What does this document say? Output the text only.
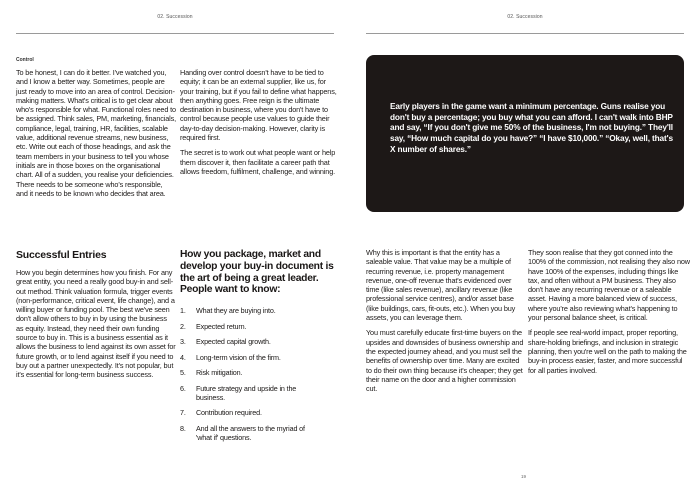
02. Succession
Control

To be honest, I can do it better. I've watched you, and I know a better way. Sometimes, people are just ready to move into an area of control. Decision-making matters. What's critical is to get clear about who's responsible for what. Functional roles need to be assigned. Think sales, PM, marketing, financials, compliance, legal, training, HR, facilities, scalable value, additional revenue streams, new business, etc. Write out each of those headings, and ask the team members in your business to tell you whose initials are in those boxes on the organisational chart. All of a sudden, you realise your deficiencies. There needs to be someone who's responsible, and it needs to be known who decides that area.

Handing over control doesn't have to be tied to equity; it can be an external supplier, like us, for your training, but if you fail to define what happens, then anything goes. Free reign is the ultimate destination in business, where you don't have to control because people use values to guide their day-to-day decision-making. However, clarity is required first.

The secret is to work out what people want or help them discover it, then facilitate a career path that allows freedom, fulfilment, challenge, and winning.

Successful Entries

How you begin determines how you finish. For any great entity, you need a really good buy-in and sell-out method. Think valuation formula, trigger events (non-performance, critical event, life change), and a willing buyer or funding pool. The best we've seen don't allow others to buy in by using the business as equity. Instead, they need their own funding source to buy in. This is a business essential as it allows the business to lend against its own asset for future growth, or to lend against itself if you need to buy out a partner unexpectedly. It's not popular, but it's essential for long-term business success.

How you package, market and develop your buy-in document is the art of being a great leader. People want to know:
1.	What they are buying into.
2.	Expected return.
3.	Expected capital growth.
4.	Long-term vision of the firm.
5.	Risk mitigation.
6.	Future strategy and upside in the business.
7.	Contribution required.
8.	And all the answers to the myriad of 'what if' questions.
02. Succession
Early players in the game want a minimum percentage. Guns realise you don't buy a percentage; you buy what you can afford. I can't walk into BHP and say, “If you don't give me 50% of the business, I'm not buying.” They'll say, “How much capital do you have?” “I have $10,000.” “Okay, well, that's X number of shares.”

Why this is important is that the entity has a saleable value. That value may be a multiple of recurring revenue, i.e. property management revenue, one-off revenue that's evidenced over time (like sales revenue), ancillary revenue (like professional service centres), and/or asset base (like buildings, cars, fit-outs, etc.). When you buy assets, you can leverage them.

You must carefully educate first-time buyers on the upsides and downsides of business ownership and the expected journey ahead, and you must sell the benefits of ownership over time. Many are excited to do their own thing because it's cheaper; they get their name on the door and a higher commission cut.

They soon realise that they got conned into the 100% of the commission, not realising they also now have 100% of the expenses, including things like tax, and often without a PM business. They also don't have any recurring revenue or a saleable asset. Having a more balanced view of success, where you're also reviewing what's happening to your personal balance sheet, is critical.

If people see real-world impact, proper reporting, share-holding briefings, and inclusion in strategic planning, then you're well on the path to making the buy-in process easier, faster, and more successful for all parties involved.

19
